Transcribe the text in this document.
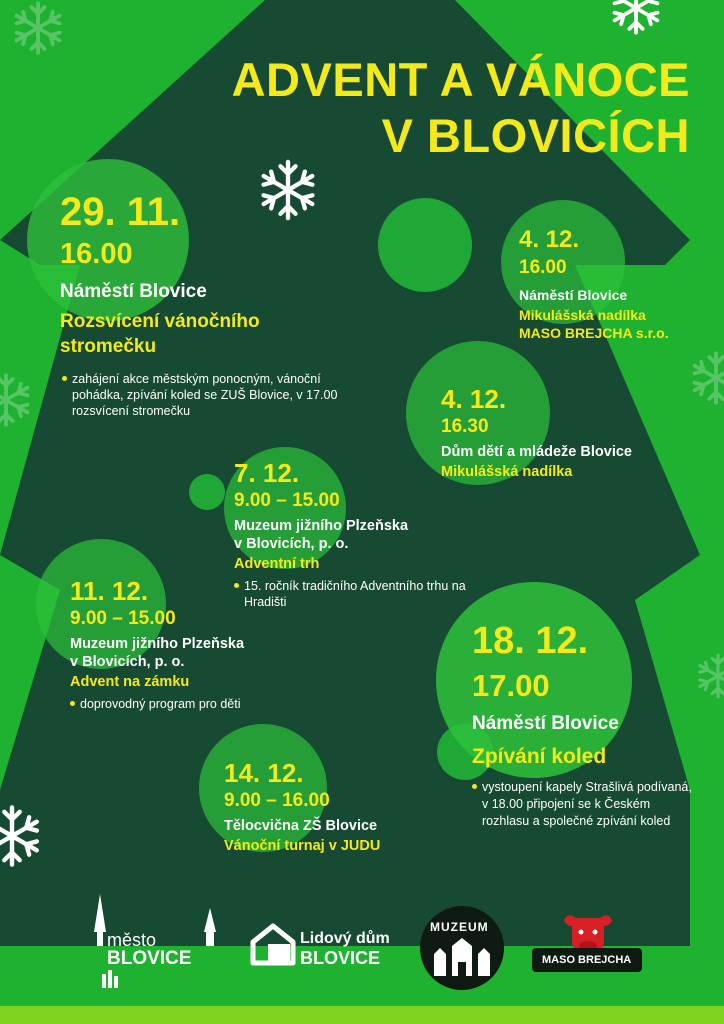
ADVENT A VÁNOCE
V BLOVICÍCH
29. 11.
16.00
Náměstí Blovice
Rozsvícení vánočního stromečku
zahájení akce městským ponocným, vánoční pohádka, zpívání koled se ZUŠ Blovice, v 17.00 rozsvícení stromečku
4. 12.
16.00
Náměstí Blovice
Mikulášská nadílka
MASO BREJCHA s.r.o.
4. 12.
16.30
Dům dětí a mládeže Blovice
Mikulášská nadílka
7. 12.
9.00 – 15.00
Muzeum jižního Plzeňska
v Blovicích, p. o.
Adventní trh
15. ročník tradičního Adventního trhu na Hradišti
11. 12.
9.00 – 15.00
Muzeum jižního Plzeňska
v Blovicích, p. o.
Advent na zámku
doprovodný program pro děti
18. 12.
17.00
Náměstí Blovice
Zpívání koled
vystoupení kapely Strašlivá podívaná, v 18.00 připojení se k Českém rozhlasu a společné zpívání koled
14. 12.
9.00 – 16.00
Tělocvična ZŠ Blovice
Vánoční turnaj v JUDU
město
BLOVICE
Lidový dům
BLOVICE
MUZEUM
MASO BREJCHA
